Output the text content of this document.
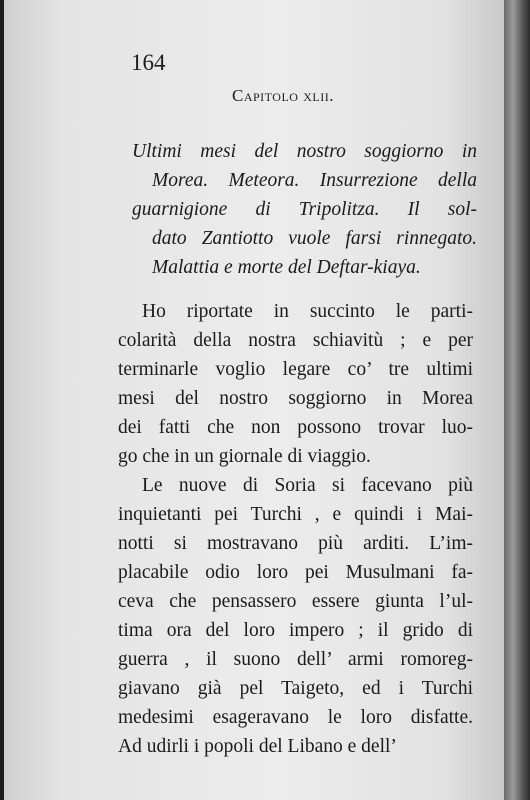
164
Capitolo xlii.
Ultimi mesi del nostro soggiorno in
Morea. Meteora. Insurrezione della
guarnigione di Tripolitza. Il sol-
dato Zantiotto vuole farsi rinnegato.
Malattia e morte del Deftar-kiaya.
Ho riportate in succinto le parti-
colarità della nostra schiavitù ; e per
terminarle voglio legare co’ tre ultimi
mesi del nostro soggiorno in Morea
dei fatti che non possono trovar luo-
go che in un giornale di viaggio.
Le nuove di Soria si facevano più
inquietanti pei Turchi , e quindi i Mai-
notti si mostravano più arditi. L’im-
placabile odio loro pei Musulmani fa-
ceva che pensassero essere giunta l’ul-
tima ora del loro impero ; il grido di
guerra , il suono dell’ armi romoreg-
giavano già pel Taigeto, ed i Turchi
medesimi esageravano le loro disfatte.
Ad udirli i popoli del Libano e dell’
